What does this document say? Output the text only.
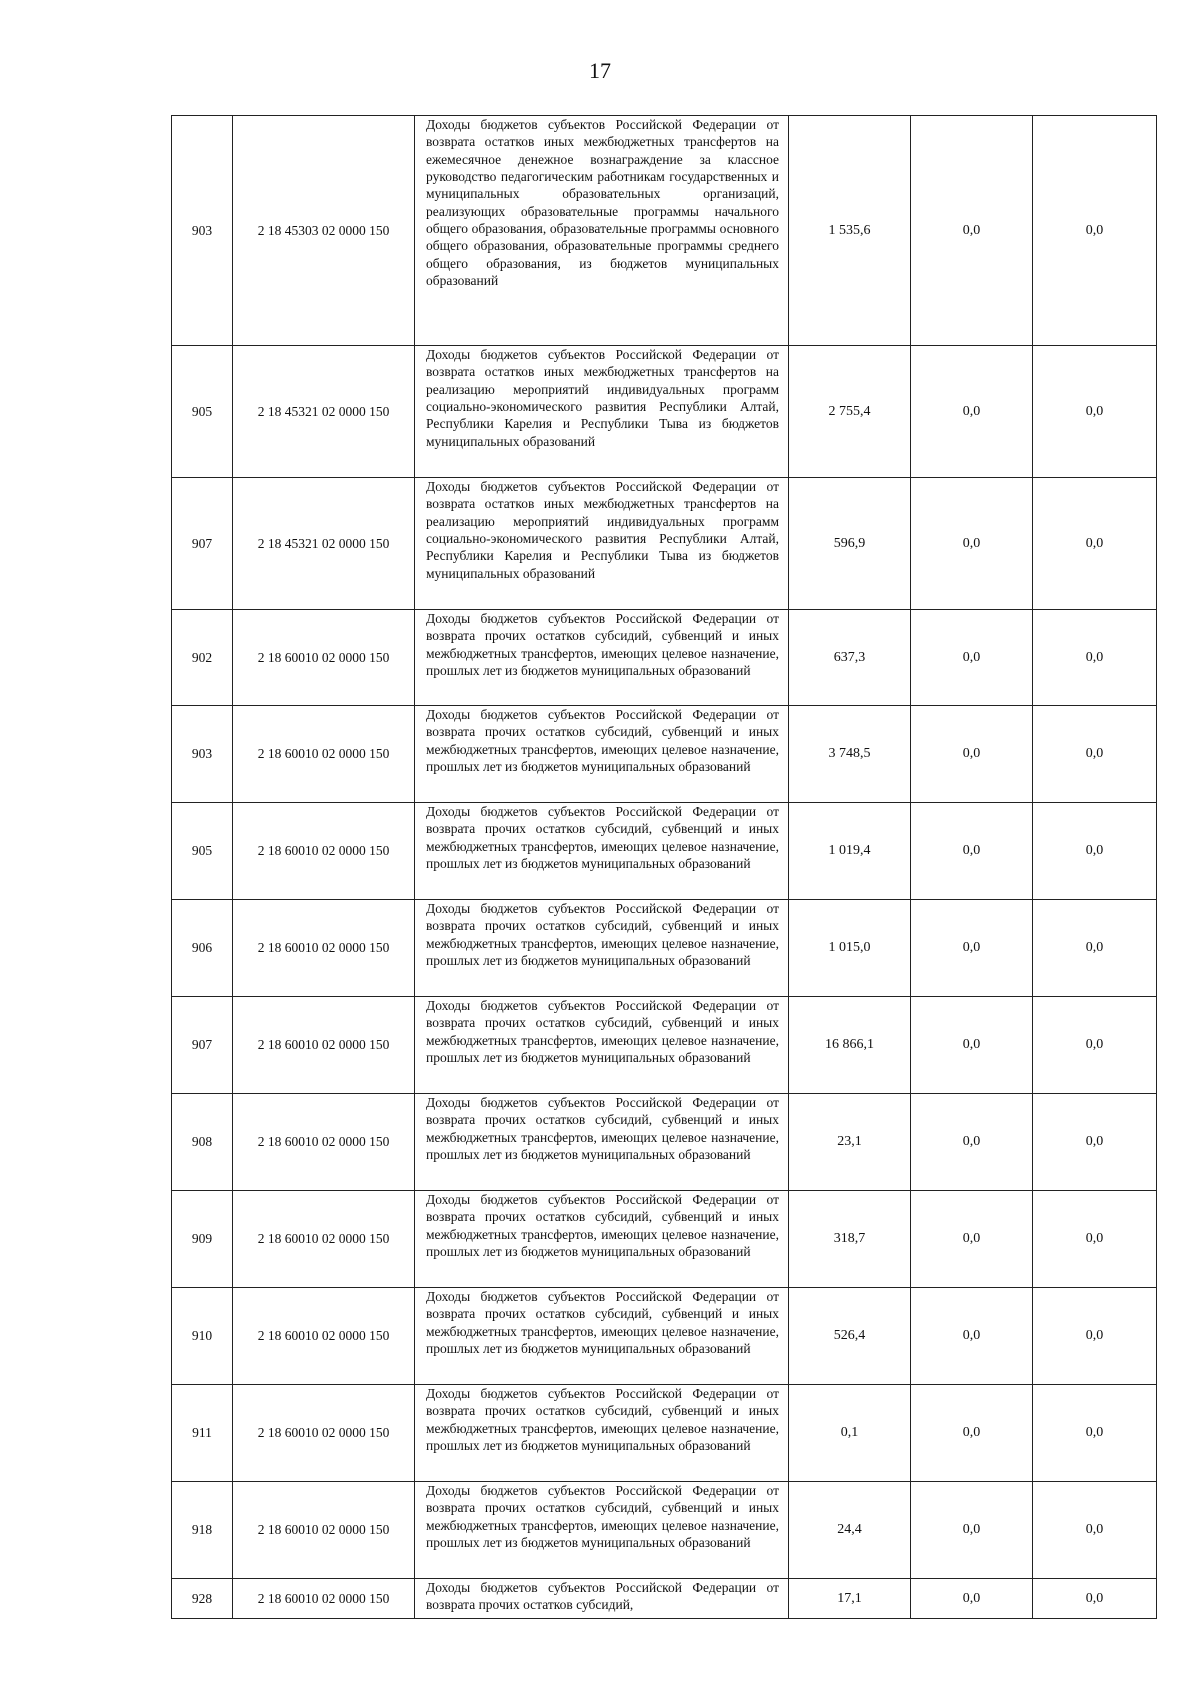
17
903	2 18 45303 02 0000 150	Доходы бюджетов субъектов Российской Федерации от возврата остатков иных межбюджетных трансфертов на ежемесячное денежное вознаграждение за классное руководство педагогическим работникам государственных и муниципальных образовательных организаций, реализующих образовательные программы начального общего образования, образовательные программы основного общего образования, образовательные программы среднего общего образования, из бюджетов муниципальных образований	1 535,6	0,0	0,0
905	2 18 45321 02 0000 150	Доходы бюджетов субъектов Российской Федерации от возврата остатков иных межбюджетных трансфертов на реализацию мероприятий индивидуальных программ социально-экономического развития Республики Алтай, Республики Карелия и Республики Тыва из бюджетов муниципальных образований	2 755,4	0,0	0,0
907	2 18 45321 02 0000 150	Доходы бюджетов субъектов Российской Федерации от возврата остатков иных межбюджетных трансфертов на реализацию мероприятий индивидуальных программ социально-экономического развития Республики Алтай, Республики Карелия и Республики Тыва из бюджетов муниципальных образований	596,9	0,0	0,0
902	2 18 60010 02 0000 150	Доходы бюджетов субъектов Российской Федерации от возврата прочих остатков субсидий, субвенций и иных межбюджетных трансфертов, имеющих целевое назначение, прошлых лет из бюджетов муниципальных образований	637,3	0,0	0,0
903	2 18 60010 02 0000 150	Доходы бюджетов субъектов Российской Федерации от возврата прочих остатков субсидий, субвенций и иных межбюджетных трансфертов, имеющих целевое назначение, прошлых лет из бюджетов муниципальных образований	3 748,5	0,0	0,0
905	2 18 60010 02 0000 150	Доходы бюджетов субъектов Российской Федерации от возврата прочих остатков субсидий, субвенций и иных межбюджетных трансфертов, имеющих целевое назначение, прошлых лет из бюджетов муниципальных образований	1 019,4	0,0	0,0
906	2 18 60010 02 0000 150	Доходы бюджетов субъектов Российской Федерации от возврата прочих остатков субсидий, субвенций и иных межбюджетных трансфертов, имеющих целевое назначение, прошлых лет из бюджетов муниципальных образований	1 015,0	0,0	0,0
907	2 18 60010 02 0000 150	Доходы бюджетов субъектов Российской Федерации от возврата прочих остатков субсидий, субвенций и иных межбюджетных трансфертов, имеющих целевое назначение, прошлых лет из бюджетов муниципальных образований	16 866,1	0,0	0,0
908	2 18 60010 02 0000 150	Доходы бюджетов субъектов Российской Федерации от возврата прочих остатков субсидий, субвенций и иных межбюджетных трансфертов, имеющих целевое назначение, прошлых лет из бюджетов муниципальных образований	23,1	0,0	0,0
909	2 18 60010 02 0000 150	Доходы бюджетов субъектов Российской Федерации от возврата прочих остатков субсидий, субвенций и иных межбюджетных трансфертов, имеющих целевое назначение, прошлых лет из бюджетов муниципальных образований	318,7	0,0	0,0
910	2 18 60010 02 0000 150	Доходы бюджетов субъектов Российской Федерации от возврата прочих остатков субсидий, субвенций и иных межбюджетных трансфертов, имеющих целевое назначение, прошлых лет из бюджетов муниципальных образований	526,4	0,0	0,0
911	2 18 60010 02 0000 150	Доходы бюджетов субъектов Российской Федерации от возврата прочих остатков субсидий, субвенций и иных межбюджетных трансфертов, имеющих целевое назначение, прошлых лет из бюджетов муниципальных образований	0,1	0,0	0,0
918	2 18 60010 02 0000 150	Доходы бюджетов субъектов Российской Федерации от возврата прочих остатков субсидий, субвенций и иных межбюджетных трансфертов, имеющих целевое назначение, прошлых лет из бюджетов муниципальных образований	24,4	0,0	0,0
928	2 18 60010 02 0000 150	Доходы бюджетов субъектов Российской Федерации от возврата прочих остатков субсидий,	17,1	0,0	0,0
